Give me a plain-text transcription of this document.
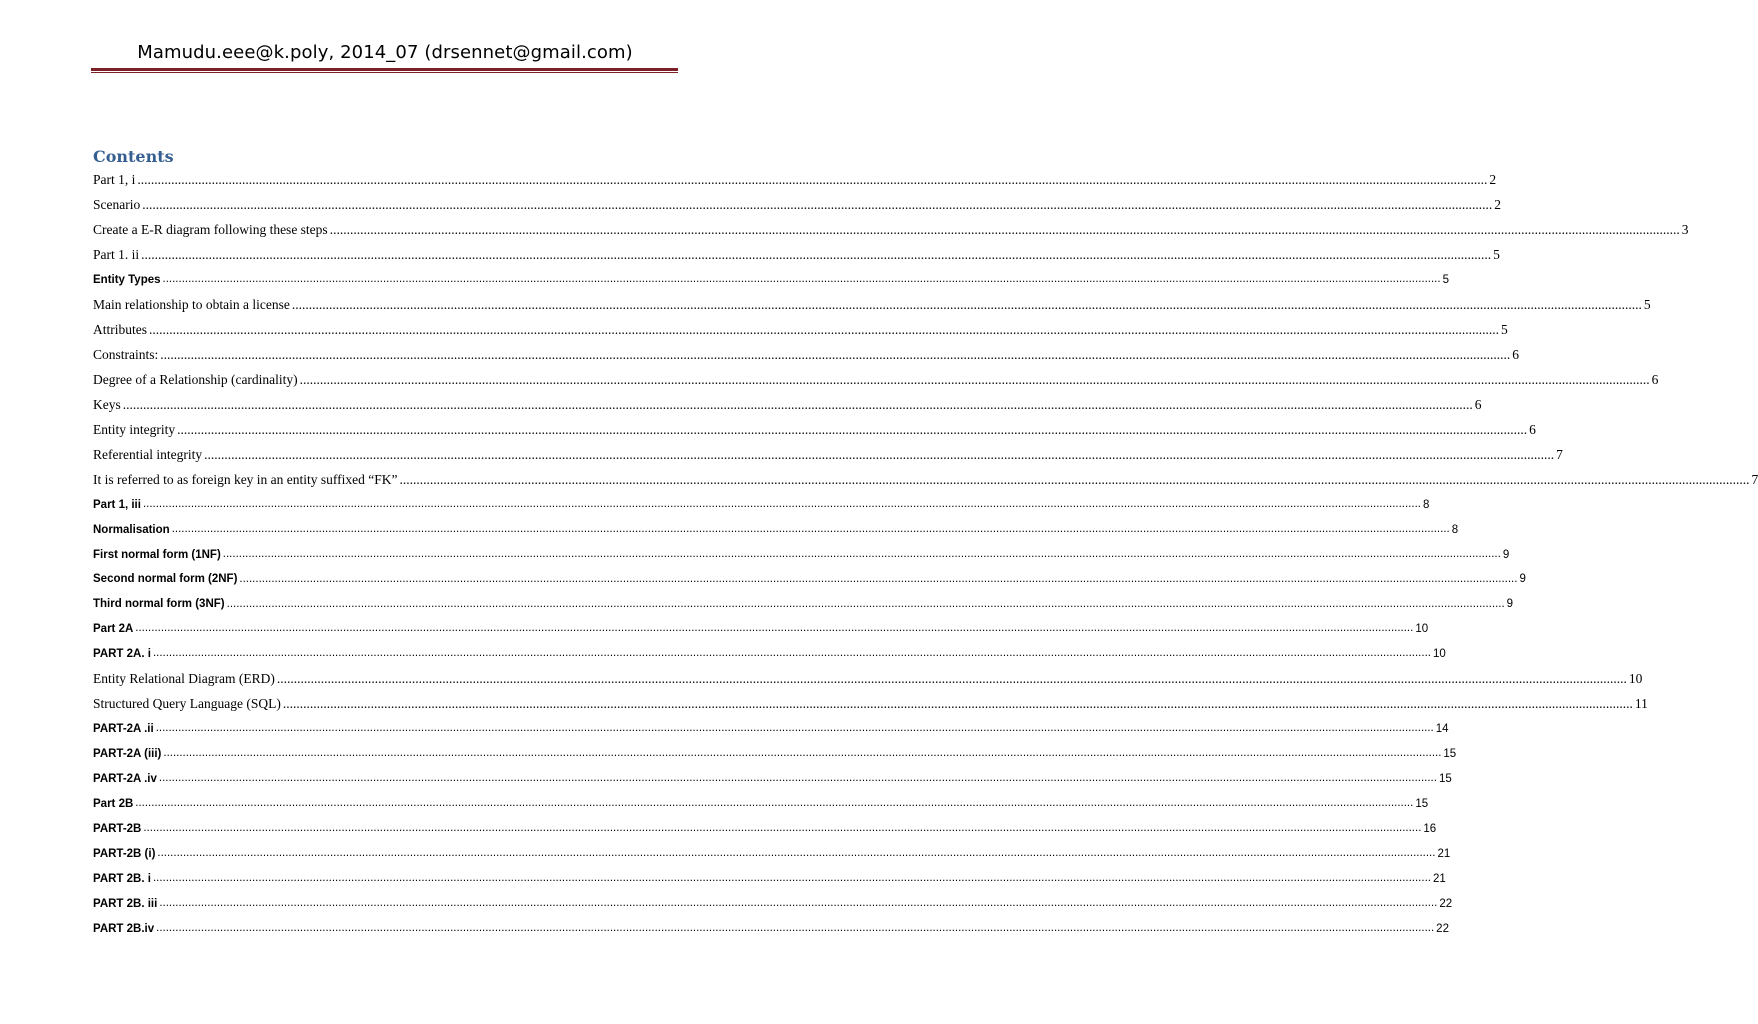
Mamudu.eee@k.poly, 2014_07 (drsennet@gmail.com)
Contents
Part 1, i ................................................................................................................................................................................................................................................................................................................................................................................................................ 2
Scenario ................................................................................................................................................................................................................................................................................................................................................................................................................ 2
Create a E-R diagram following these steps ................................................................................................................................................................................................................................................................................................................................................................................................................ 3
Part 1. ii ................................................................................................................................................................................................................................................................................................................................................................................................................ 5
Entity Types ................................................................................................................................................................................................................................................................................................................................................................................................................ 5
Main relationship to obtain a license ................................................................................................................................................................................................................................................................................................................................................................................................................ 5
Attributes ................................................................................................................................................................................................................................................................................................................................................................................................................ 5
Constraints: ................................................................................................................................................................................................................................................................................................................................................................................................................ 6
Degree of a Relationship (cardinality) ................................................................................................................................................................................................................................................................................................................................................................................................................ 6
Keys ................................................................................................................................................................................................................................................................................................................................................................................................................ 6
Entity integrity ................................................................................................................................................................................................................................................................................................................................................................................................................ 6
Referential integrity ................................................................................................................................................................................................................................................................................................................................................................................................................ 7
It is referred to as foreign key in an entity suffixed “FK” ................................................................................................................................................................................................................................................................................................................................................................................................................ 7
Part 1, iii ................................................................................................................................................................................................................................................................................................................................................................................................................ 8
Normalisation ................................................................................................................................................................................................................................................................................................................................................................................................................ 8
First normal form (1NF) ................................................................................................................................................................................................................................................................................................................................................................................................................ 9
Second normal form (2NF) ................................................................................................................................................................................................................................................................................................................................................................................................................ 9
Third normal form (3NF) ................................................................................................................................................................................................................................................................................................................................................................................................................ 9
Part 2A ................................................................................................................................................................................................................................................................................................................................................................................................................ 10
PART 2A. i ................................................................................................................................................................................................................................................................................................................................................................................................................ 10
Entity Relational Diagram (ERD) ................................................................................................................................................................................................................................................................................................................................................................................................................ 10
Structured Query Language (SQL) ................................................................................................................................................................................................................................................................................................................................................................................................................ 11
PART-2A .ii ................................................................................................................................................................................................................................................................................................................................................................................................................ 14
PART-2A (iii) ................................................................................................................................................................................................................................................................................................................................................................................................................ 15
PART-2A .iv ................................................................................................................................................................................................................................................................................................................................................................................................................ 15
Part 2B ................................................................................................................................................................................................................................................................................................................................................................................................................ 15
PART-2B ................................................................................................................................................................................................................................................................................................................................................................................................................ 16
PART-2B (i) ................................................................................................................................................................................................................................................................................................................................................................................................................ 21
PART 2B. i ................................................................................................................................................................................................................................................................................................................................................................................................................ 21
PART 2B. iii ................................................................................................................................................................................................................................................................................................................................................................................................................ 22
PART 2B.iv ................................................................................................................................................................................................................................................................................................................................................................................................................ 22
